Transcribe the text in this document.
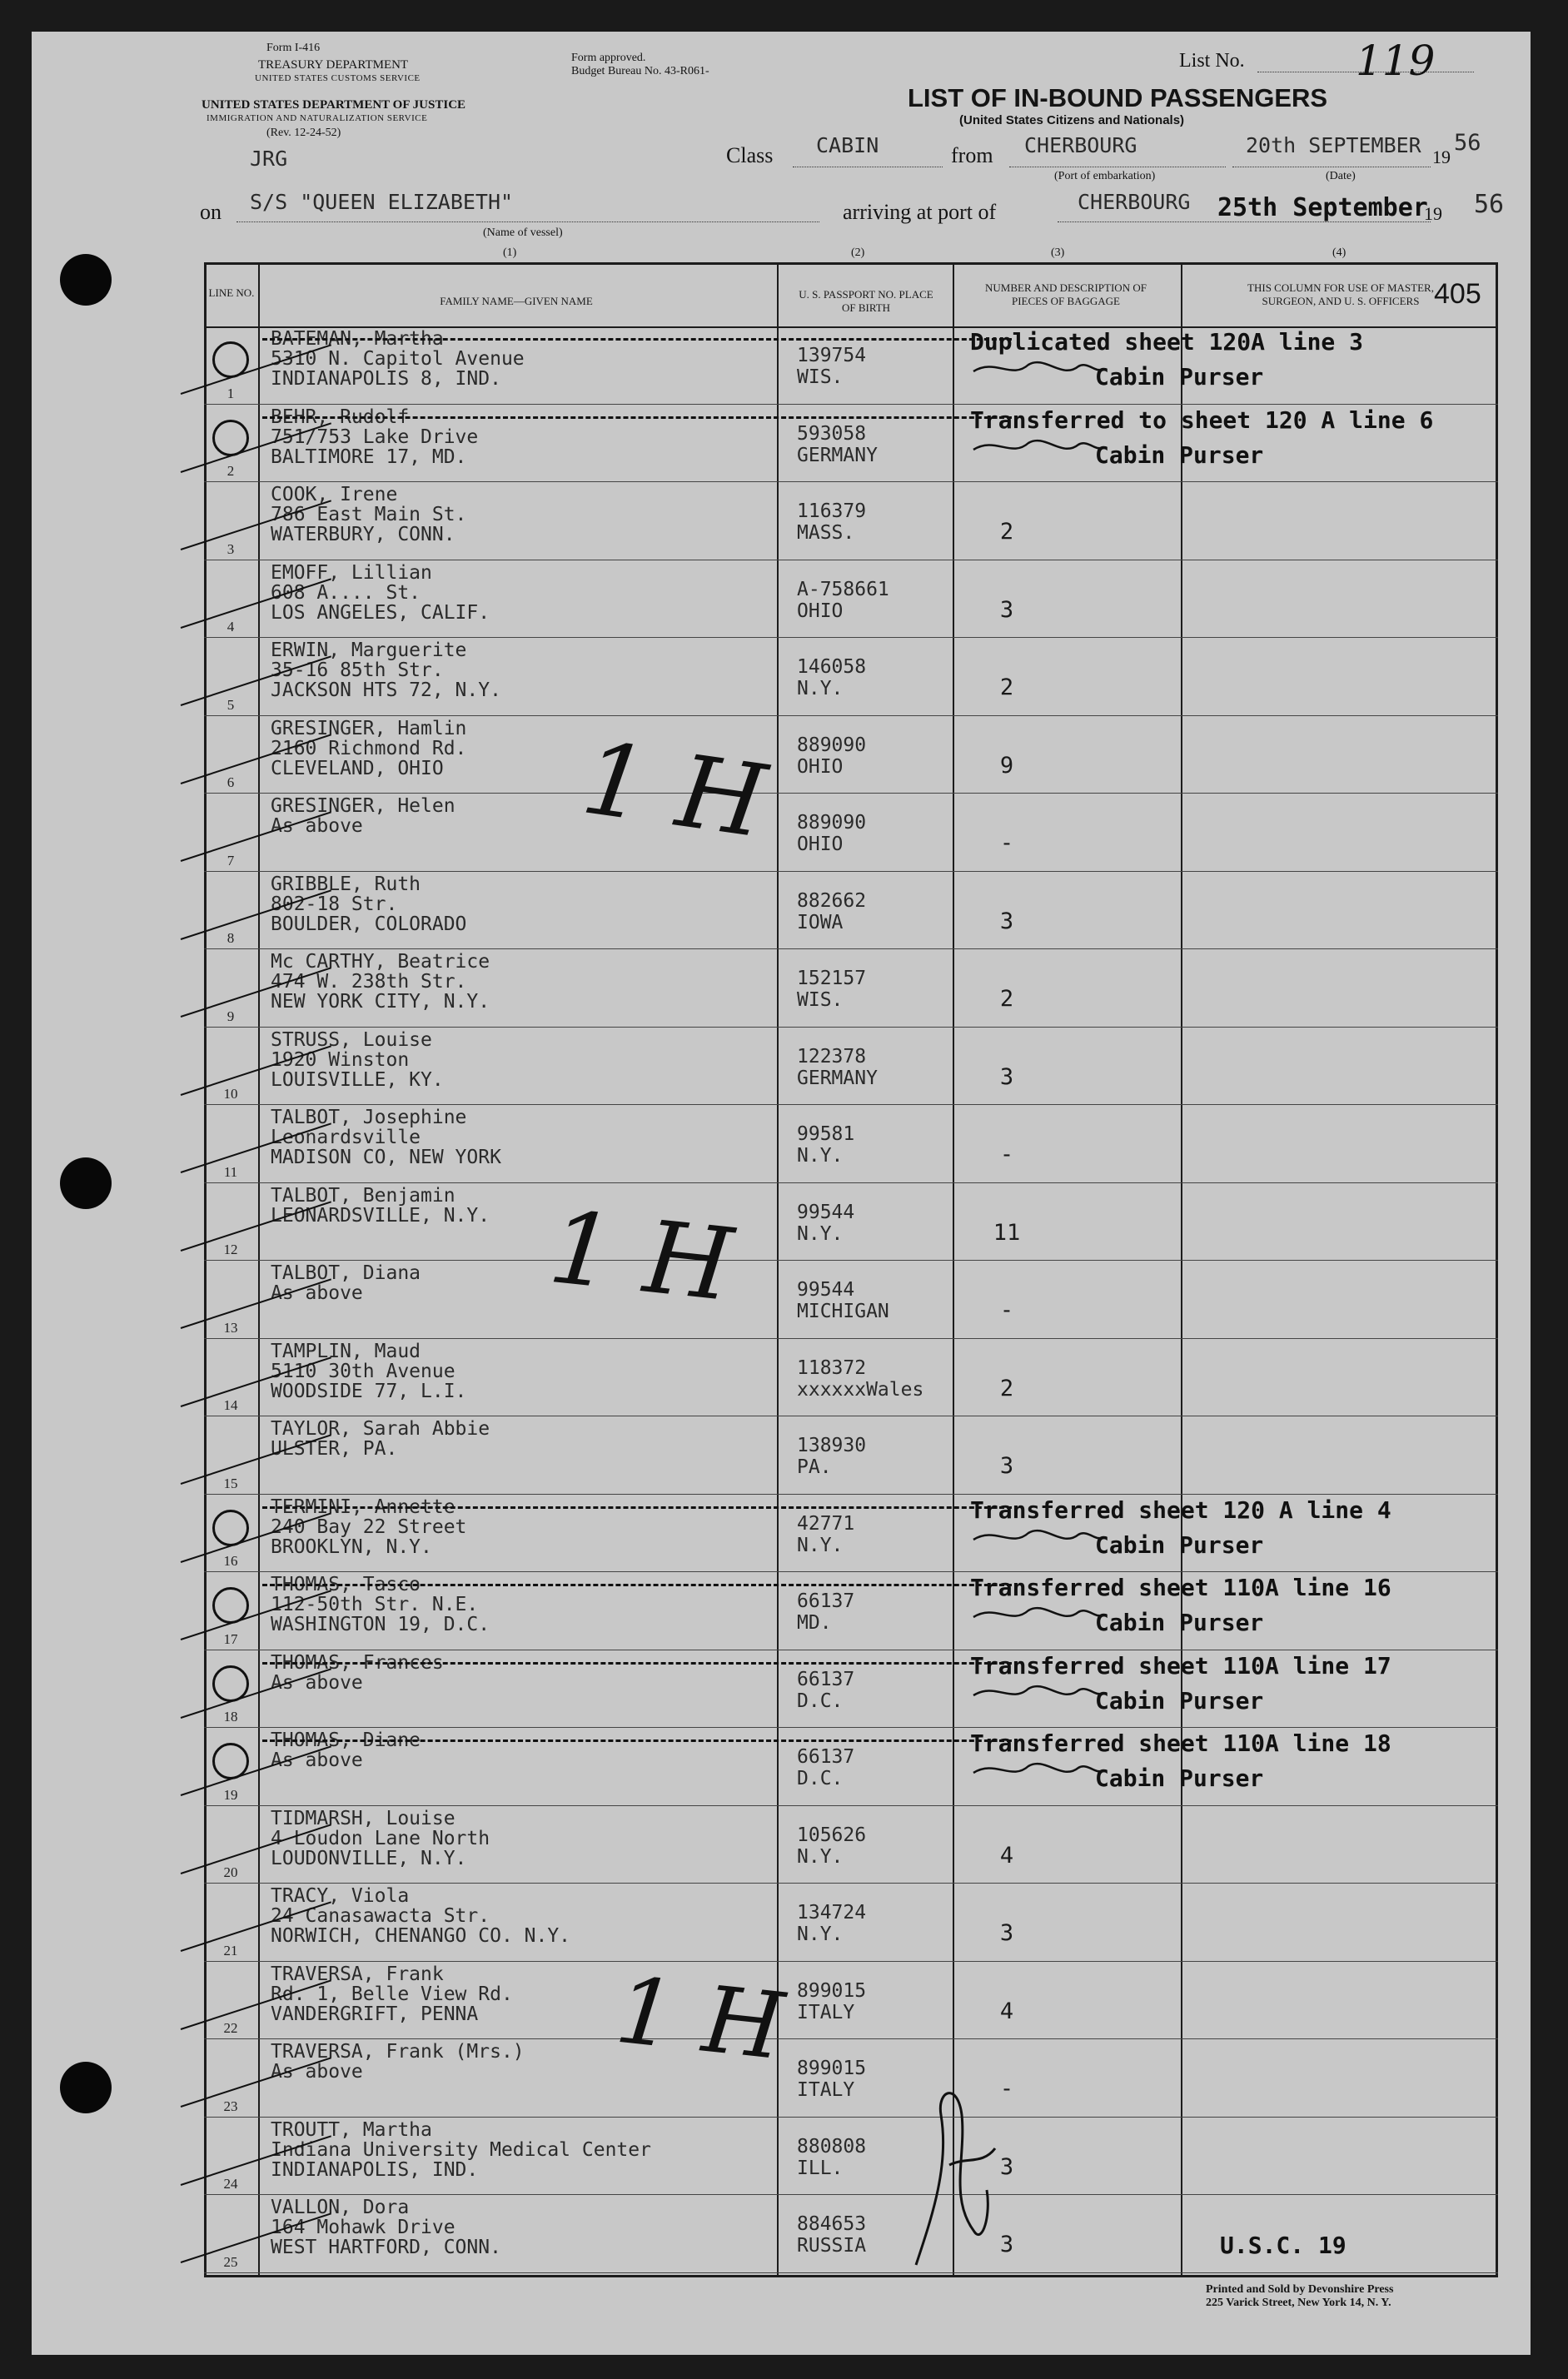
Form I-416
TREASURY DEPARTMENT
UNITED STATES CUSTOMS SERVICE
UNITED STATES DEPARTMENT OF JUSTICE
IMMIGRATION AND NATURALIZATION SERVICE
(Rev. 12-24-52)
Form approved.
Budget Bureau No. 43-R061-	List No.	119
LIST OF IN-BOUND PASSENGERS
(United States Citizens and Nationals)
JRG	Class CABIN	from CHERBOURG
(Port of embarkation)
20th SEPTEMBER 19
56
(Date)
on S/S "QUEEN ELIZABETH"
(Name of vessel)
arriving at port of	CHERBOURG 25th September
19 56
(1)	(2)	(3)	(4)
LINE NO.
FAMILY NAME—GIVEN NAME
U. S. PASSPORT NO. PLACE OF BIRTH
NUMBER AND DESCRIPTION OF PIECES OF BAGGAGE
THIS COLUMN FOR USE OF MASTER, SURGEON, AND U. S. OFFICERS 405
1
BATEMAN, Martha
5310 N. Capitol Avenue
INDIANAPOLIS 8, IND.
139754
WIS.
Duplicated sheet 120A line 3
Cabin Purser
2
BEHR, Rudolf
751/753 Lake Drive
BALTIMORE 17, MD.
593058
GERMANY
Transferred to sheet 120 A line 6
Cabin Purser
3
COOK, Irene
786 East Main St.
WATERBURY, CONN.
116379
MASS.	2
4
EMOFF, Lillian
608 A.... St.
LOS ANGELES, CALIF.
A-758661
OHIO	3
5
ERWIN, Marguerite
35-16 85th Str.
JACKSON HTS 72, N.Y.
146058
N.Y.	2
6
GRESINGER, Hamlin
2160 Richmond Rd.
CLEVELAND, OHIO
889090
OHIO	9
7
GRESINGER, Helen
As above	889090
OHIO	-
8
GRIBBLE, Ruth
802-18 Str.
BOULDER, COLORADO
882662
IOWA	3
9
Mc CARTHY, Beatrice
474 W. 238th Str.
NEW YORK CITY, N.Y.
152157
WIS.	2
10
STRUSS, Louise
1920 Winston
LOUISVILLE, KY.
122378
GERMANY	3
11
TALBOT, Josephine
Leonardsville
MADISON CO, NEW YORK
99581
N.Y.	-
12
TALBOT, Benjamin
LEONARDSVILLE, N.Y.	99544
N.Y.	11
13
TALBOT, Diana
As above	99544
MICHIGAN	-
14
TAMPLIN, Maud
5110 30th Avenue
WOODSIDE 77, L.I.
118372
xxxxxxWales	2
15
TAYLOR, Sarah Abbie
ULSTER, PA.	138930
PA.	3
16
TERMINI, Annette
240 Bay 22 Street
BROOKLYN, N.Y.
42771
N.Y.
Transferred sheet 120 A line 4
Cabin Purser
17
THOMAS, Tasco
112-50th Str. N.E.
WASHINGTON 19, D.C.
66137
MD.
Transferred sheet 110A line 16
Cabin Purser
18
THOMAS, Frances
As above	66137
D.C.
Transferred sheet 110A line 17
Cabin Purser
19
THOMAS, Diane
As above	66137
D.C.
Transferred sheet 110A line 18
Cabin Purser
20
TIDMARSH, Louise
4 Loudon Lane North
LOUDONVILLE, N.Y.
105626
N.Y.	4
21
TRACY, Viola
24 Canasawacta Str.
NORWICH, CHENANGO CO. N.Y.
134724
N.Y.	3
22
TRAVERSA, Frank
Rd. 1, Belle View Rd.
VANDERGRIFT, PENNA
899015
ITALY	4
23
TRAVERSA, Frank (Mrs.)
As above	899015
ITALY	-
24
TROUTT, Martha
Indiana University Medical Center
INDIANAPOLIS, IND.
880808
ILL.	3
25
VALLON, Dora
164 Mohawk Drive
WEST HARTFORD, CONN.
884653
RUSSIA	3	U.S.C. 19
1 H
1 H
1 H
Printed and Sold by Devonshire Press
225 Varick Street, New York 14, N. Y.
